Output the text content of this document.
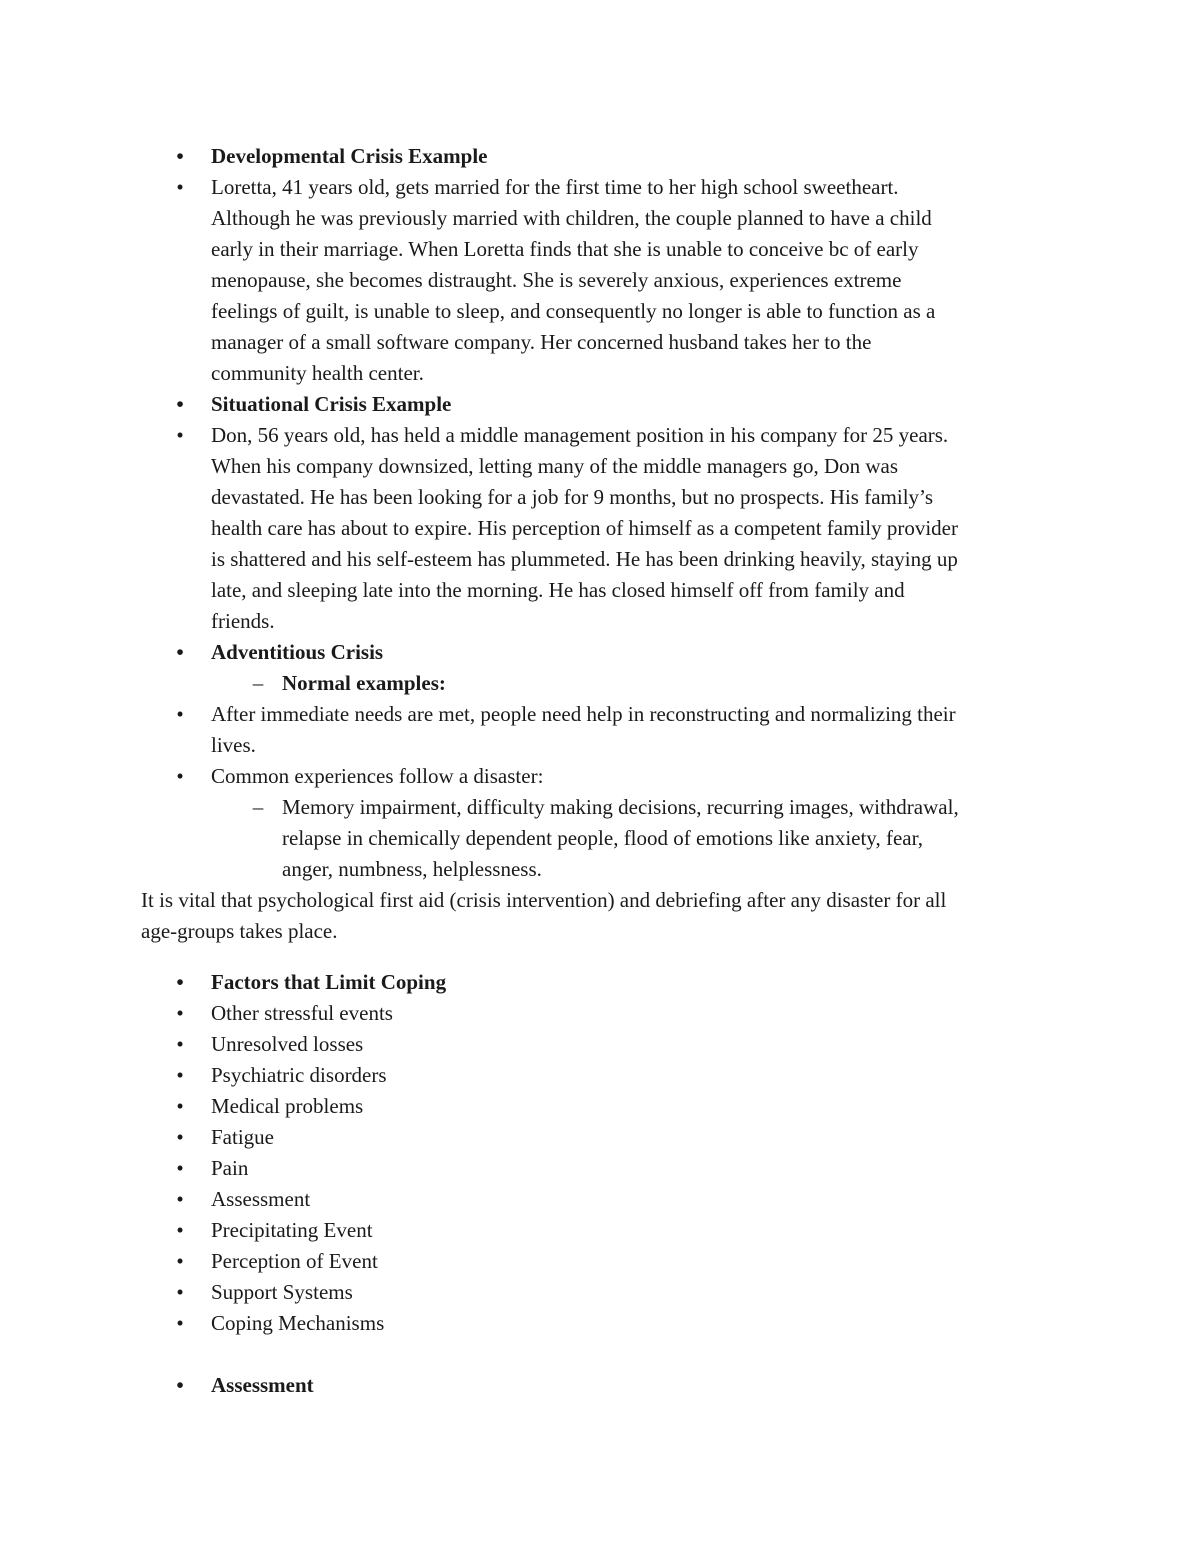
•	Developmental Crisis Example
•	Loretta, 41 years old, gets married for the first time to her high school sweetheart.
Although he was previously married with children, the couple planned to have a child
early in their marriage. When Loretta finds that she is unable to conceive bc of early
menopause, she becomes distraught. She is severely anxious, experiences extreme
feelings of guilt, is unable to sleep, and consequently no longer is able to function as a
manager of a small software company. Her concerned husband takes her to the
community health center.
•	Situational Crisis Example
•	Don, 56 years old, has held a middle management position in his company for 25 years.
When his company downsized, letting many of the middle managers go, Don was
devastated. He has been looking for a job for 9 months, but no prospects. His family’s
health care has about to expire. His perception of himself as a competent family provider
is shattered and his self-esteem has plummeted. He has been drinking heavily, staying up
late, and sleeping late into the morning. He has closed himself off from family and
friends.
•	Adventitious Crisis
– Normal examples:
•	After immediate needs are met, people need help in reconstructing and normalizing their
lives.
•	Common experiences follow a disaster:
– Memory impairment, difficulty making decisions, recurring images, withdrawal,
relapse in chemically dependent people, flood of emotions like anxiety, fear,
anger, numbness, helplessness.
It is vital that psychological first aid (crisis intervention) and debriefing after any disaster for all
age-groups takes place.
•	Factors that Limit Coping
•	Other stressful events
•	Unresolved losses
•	Psychiatric disorders
•	Medical problems
•	Fatigue
•	Pain
•	Assessment
•	Precipitating Event
•	Perception of Event
•	Support Systems
•	Coping Mechanisms
•	Assessment
